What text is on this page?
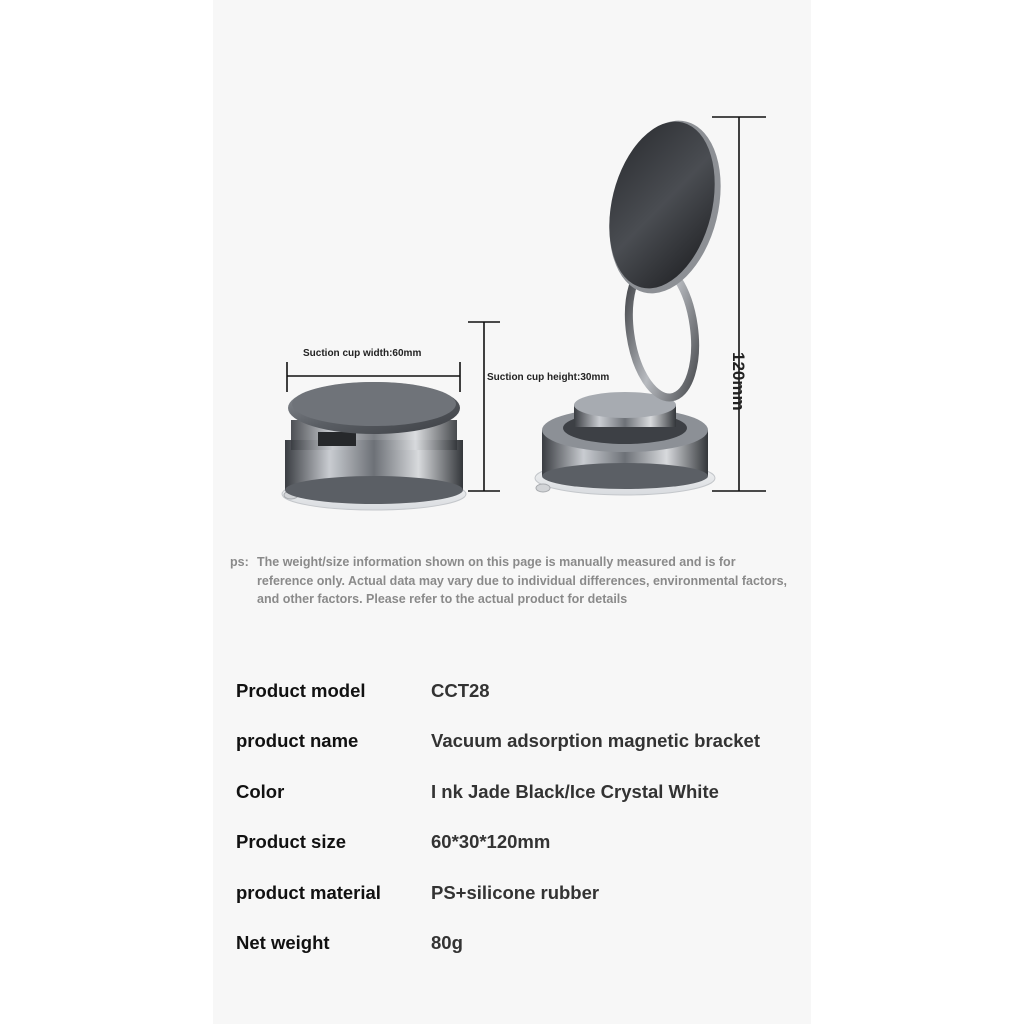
Suction cup width:60mm
Suction cup height:30mm	120mm
ps: The weight/size information shown on this page is manually measured and is for reference only. Actual data may vary due to individual differences, environmental factors, and other factors. Please refer to the actual product for details
Product model	CCT28
product name	Vacuum adsorption magnetic bracket
Color	I nk Jade Black/Ice Crystal White
Product size	60*30*120mm
product material	PS+silicone rubber
Net weight	80g
